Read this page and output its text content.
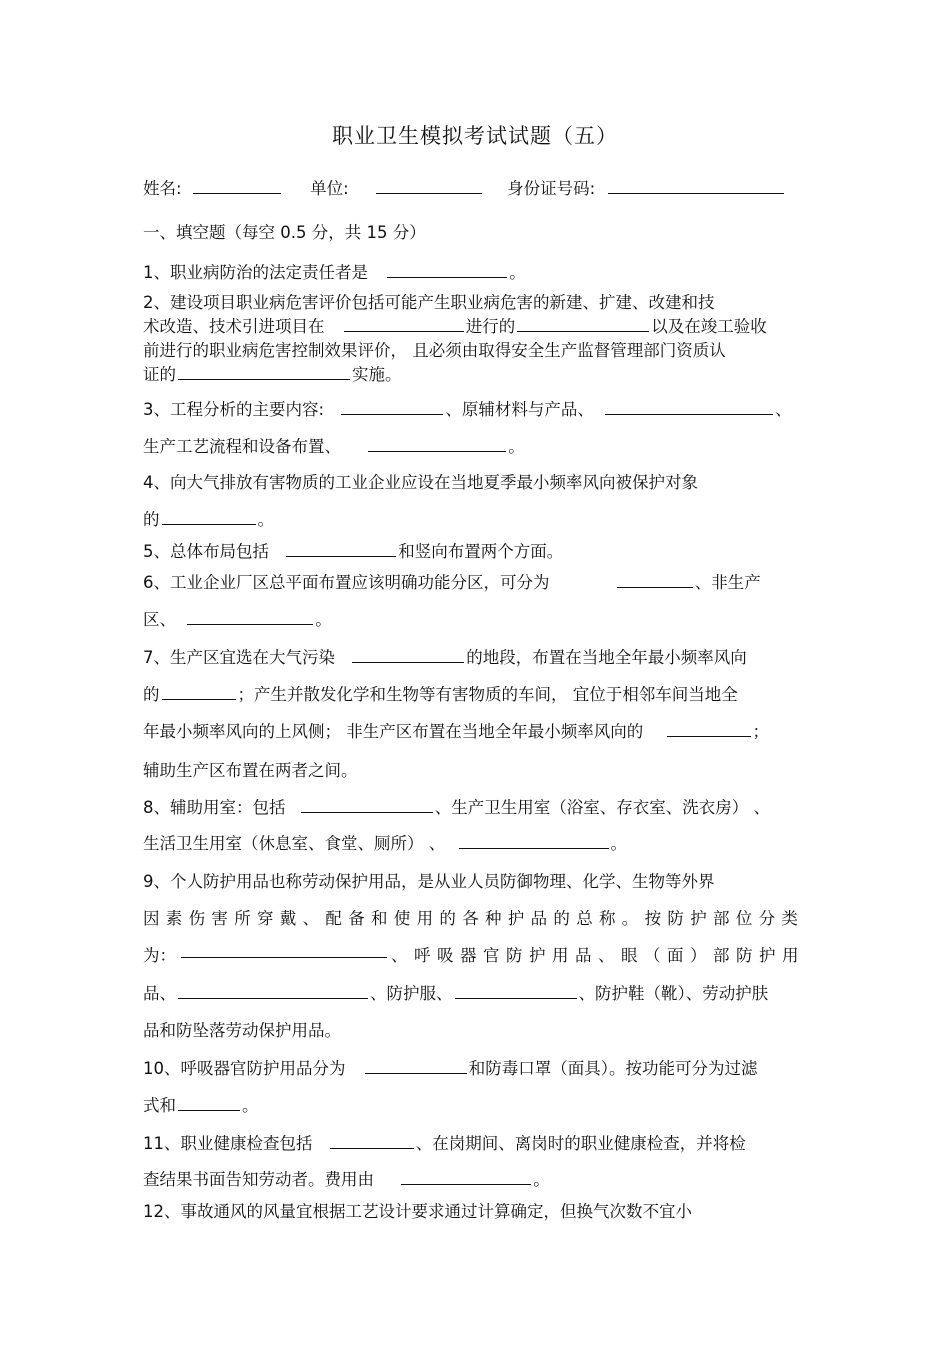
职业卫生模拟考试试题（五）
姓名:	单位:	身份证号码:
一、填空题（每空 0.5 分，共 15 分）
1、职业病防治的法定责任者是	。
2、建设项目职业病危害评价包括可能产生职业病危害的新建、扩建、改建和技
术改造、技术引进项目在	进行的	以及在竣工验收
前进行的职业病危害控制效果评价， 且必须由取得安全生产监督管理部门资质认
证的	实施。
3、工程分析的主要内容:	、原辅材料与产品、	、
生产工艺流程和设备布置、	。
4、向大气排放有害物质的工业企业应设在当地夏季最小频率风向被保护对象
的	。
5、总体布局包括	和竖向布置两个方面。
6、工业企业厂区总平面布置应该明确功能分区，可分为	、非生产
区、	。
7、生产区宜选在大气污染	的地段，布置在当地全年最小频率风向
的	；产生并散发化学和生物等有害物质的车间， 宜位于相邻车间当地全
年最小频率风向的上风侧； 非生产区布置在当地全年最小频率风向的	；
辅助生产区布置在两者之间。
8、辅助用室：包括	、生产卫生用室（浴室、存衣室、洗衣房） 、
生活卫生用室（休息室、食堂、厕所） 、	。
9、个人防护用品也称劳动保护用品，是从业人员防御物理、化学、生物等外界
因素伤害所穿戴、配备和使用的各种护品的总称。按防护部位分类
为：	、呼吸器官防护用品、眼（面）部防护用
品、	、防护服、	、防护鞋（靴）、劳动护肤
品和防坠落劳动保护用品。
10、呼吸器官防护用品分为	和防毒口罩（面具）。按功能可分为过滤
式和	。
11、职业健康检查包括	、在岗期间、离岗时的职业健康检查，并将检
查结果书面告知劳动者。费用由	。
12、事故通风的风量宜根据工艺设计要求通过计算确定，但换气次数不宜小
